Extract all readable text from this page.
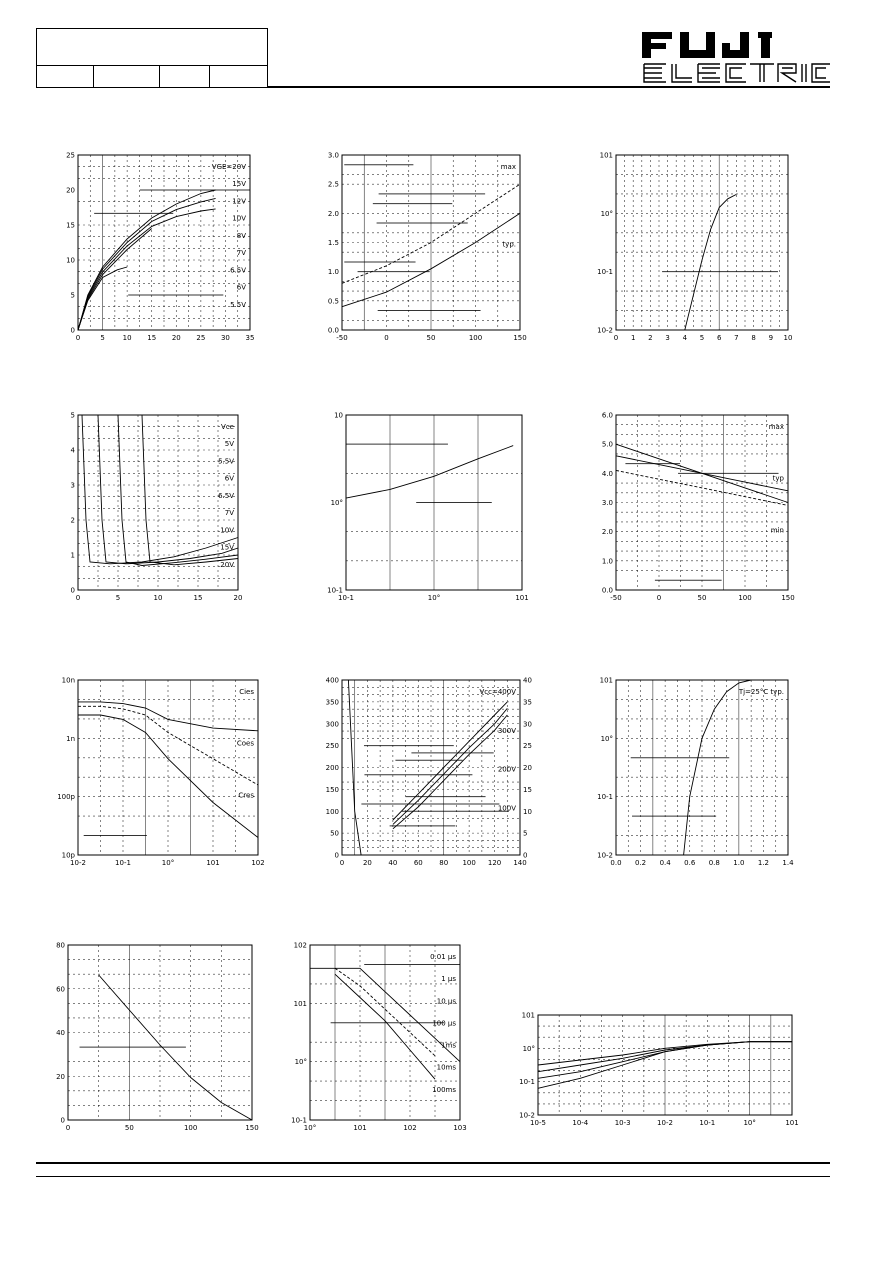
0	5	10 15 20 25 30 35
0
5
10
15
20
25
VGE=20V
15V
12V
10V
8V
7V
6.5V
6V
5.5V
-50	0	50	100	150
0.0
0.5
1.0
1.5
2.0
2.5
3.0
max
typ.
0 1 2 3 4 5 6 7 8 9 10
10-2
10-1
10°
101
0	5	10	15	20
0
1
2
3
4
5
Vce
5V
5.5V
6V
6.5V
7V
10V
15V
20V
10-1	10°	101
10-1
10°
10
-50	0	50	100	150
0.0
1.0
2.0
3.0
4.0
5.0
6.0
max
typ
min
10-2	10-1	10°	101	102
10p
100p
1n
10n
Cies
Coes
Cres
0	20 40 60 80 100 120 140
0
50
100
150
200
250
300
350
400
0
5
10
15
20
25
30
35
40
Vcc=400V
300V
200V
100V
0.0 0.2 0.4 0.6 0.8 1.0 1.2 1.4
10-2
10-1
10°
101
Tj=25°C typ.
0	50	100	150
0
20
40
60
80
10°	101	102	103
10-1
10°
101
102
0.01 µs
1 µs
10 µs
100 µs
1ms
10ms
100ms
10-5	10-4	10-3	10-2	10-1	10°	101
10-2
10-1
10°
101
